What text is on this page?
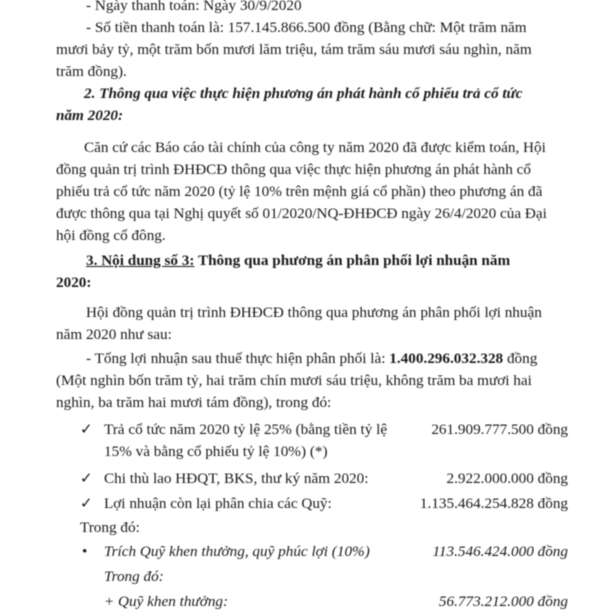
- Ngày thanh toán: Ngày 30/9/2020
- Số tiền thanh toán là: 157.145.866.500 đồng (Bằng chữ: Một trăm năm
mươi bảy tỷ, một trăm bốn mươi lăm triệu, tám trăm sáu mươi sáu nghìn, năm
trăm đồng).
2. Thông qua việc thực hiện phương án phát hành cổ phiếu trả cổ tức
năm 2020:
Căn cứ các Báo cáo tài chính của công ty năm 2020 đã được kiểm toán, Hội
đồng quản trị trình ĐHĐCĐ thông qua việc thực hiện phương án phát hành cổ
phiếu trả cổ tức năm 2020 (tỷ lệ 10% trên mệnh giá cổ phần) theo phương án đã
được thông qua tại Nghị quyết số 01/2020/NQ-ĐHĐCĐ ngày 26/4/2020 của Đại
hội đồng cổ đông.
3. Nội dung số 3: Thông qua phương án phân phối lợi nhuận năm
2020:
Hội đồng quản trị trình ĐHĐCĐ thông qua phương án phân phối lợi nhuận
năm 2020 như sau:
- Tổng lợi nhuận sau thuế thực hiện phân phối là: 1.400.296.032.328 đồng
(Một nghìn bốn trăm tỷ, hai trăm chín mươi sáu triệu, không trăm ba mươi hai
nghìn, ba trăm hai mươi tám đồng), trong đó:
✓ Trả cổ tức năm 2020 tỷ lệ 25% (bằng tiền tỷ lệ	261.909.777.500 đồng
15% và bằng cổ phiếu tỷ lệ 10%) (*)
✓ Chi thù lao HĐQT, BKS, thư ký năm 2020:	2.922.000.000 đồng
✓ Lợi nhuận còn lại phân chia các Quỹ:	1.135.464.254.828 đồng
Trong đó:
• Trích Quỹ khen thưởng, quỹ phúc lợi (10%)	113.546.424.000 đồng
Trong đó:
+ Quỹ khen thưởng:	56.773.212.000 đồng
